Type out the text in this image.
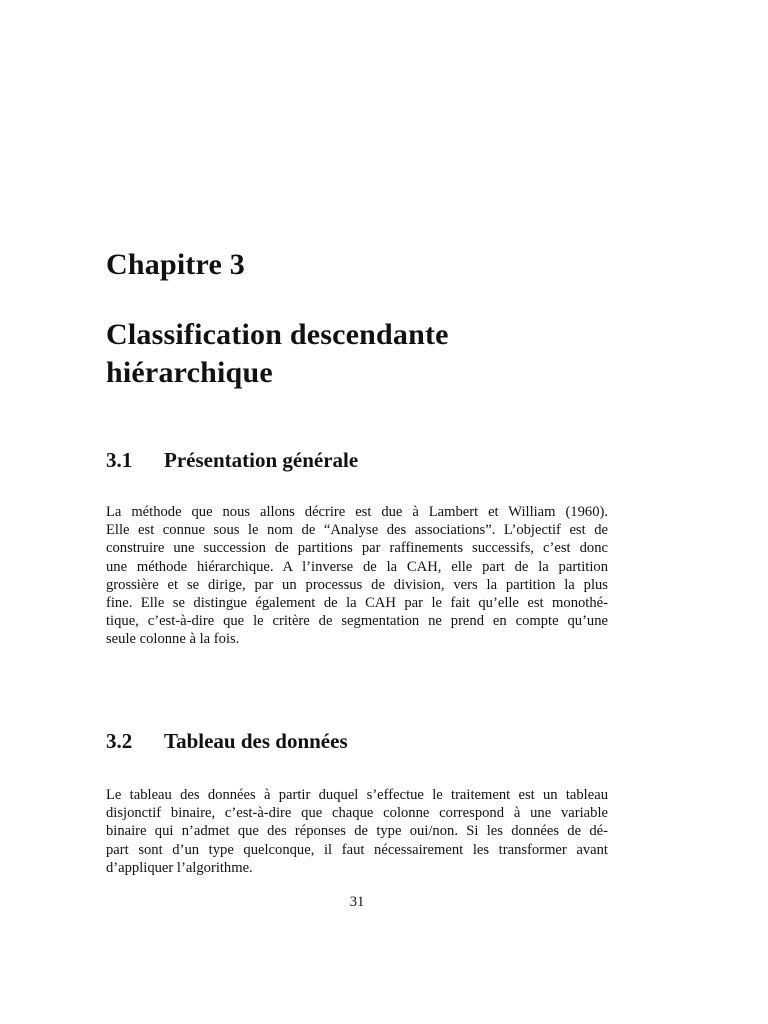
Chapitre 3
Classification descendante
hiérarchique
3.1 Présentation générale

La méthode que nous allons décrire est due à Lambert et William (1960).
Elle est connue sous le nom de “Analyse des associations”. L’objectif est de
construire une succession de partitions par raffinements successifs, c’est donc
une méthode hiérarchique. A l’inverse de la CAH, elle part de la partition
grossière et se dirige, par un processus de division, vers la partition la plus
fine. Elle se distingue également de la CAH par le fait qu’elle est monothé-
tique, c’est-à-dire que le critère de segmentation ne prend en compte qu’une
seule colonne à la fois.

3.2 Tableau des données

Le tableau des données à partir duquel s’effectue le traitement est un tableau
disjonctif binaire, c’est-à-dire que chaque colonne correspond à une variable
binaire qui n’admet que des réponses de type oui/non. Si les données de dé-
part sont d’un type quelconque, il faut nécessairement les transformer avant
d’appliquer l’algorithme.

31
